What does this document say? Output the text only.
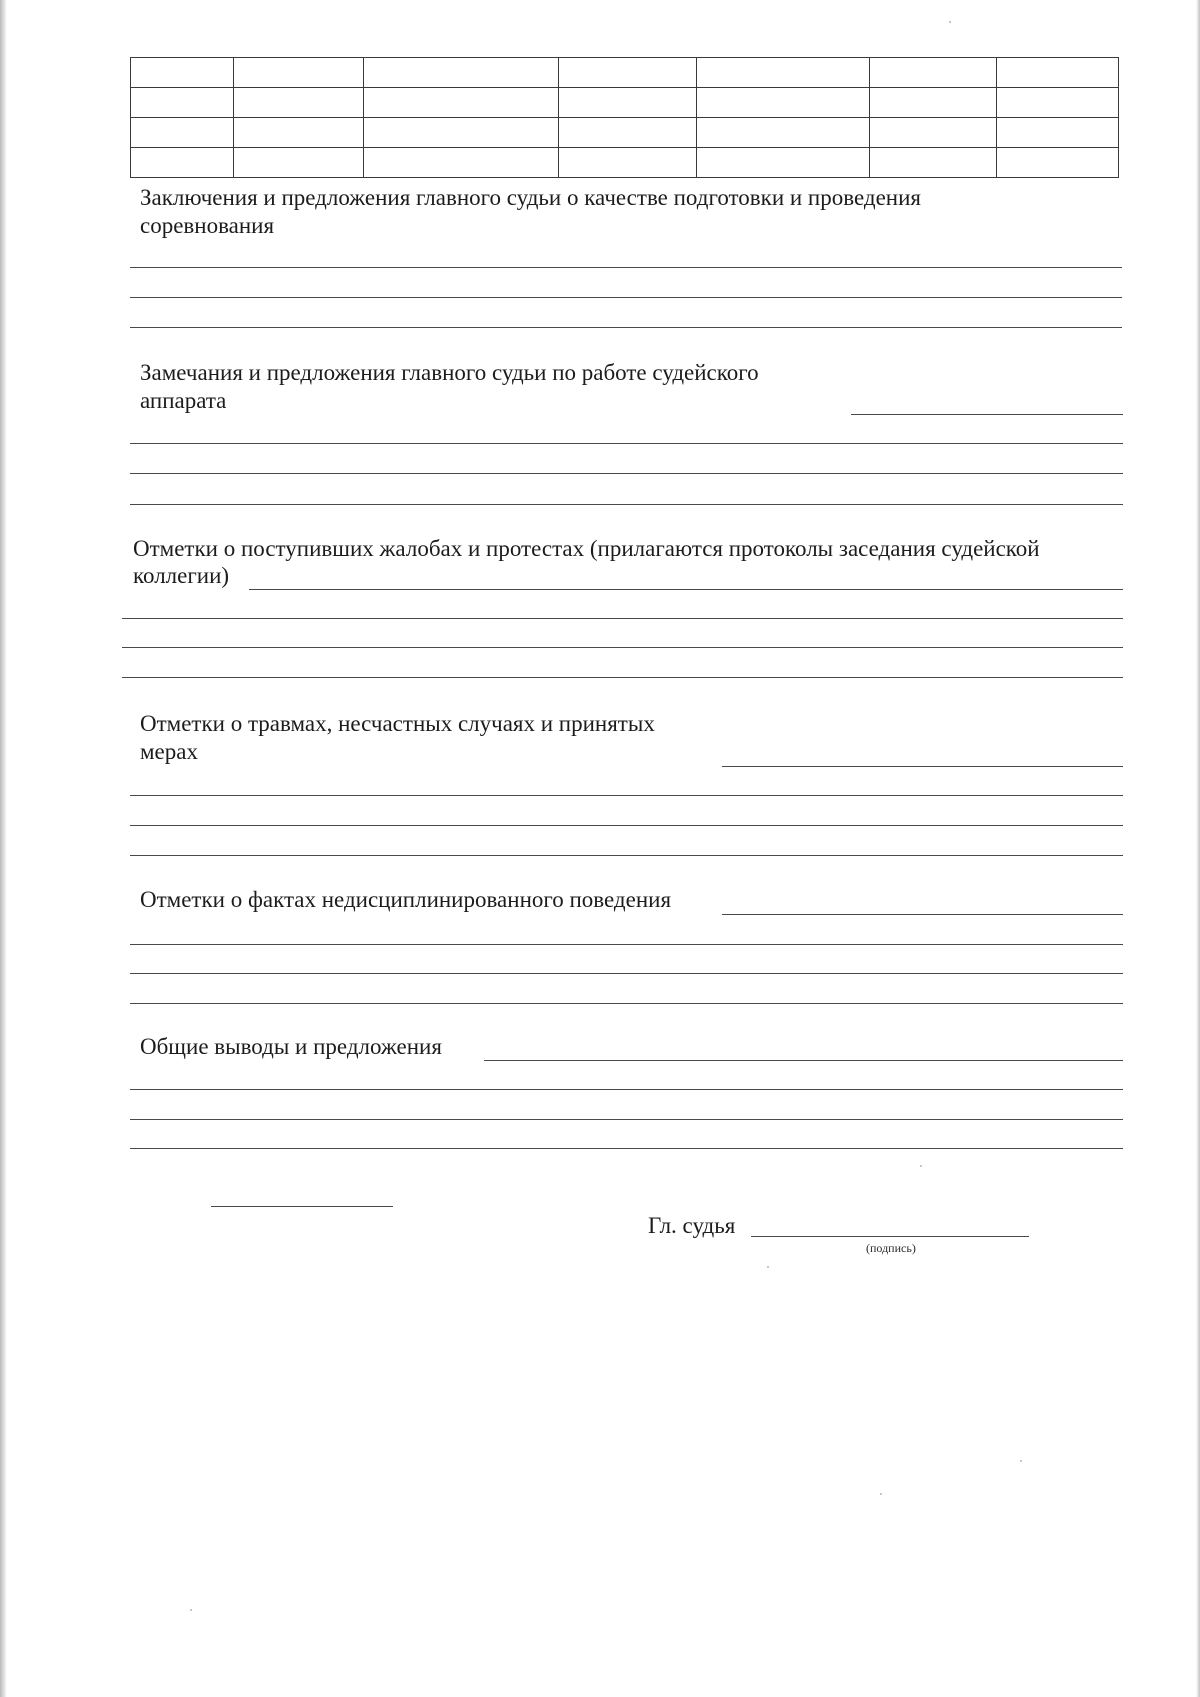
Заключения и предложения главного судьи о качестве подготовки и проведения
соревнования
Замечания и предложения главного судьи по работе судейского
аппарата
Отметки о поступивших жалобах и протестах (прилагаются протоколы заседания судейской
коллегии)
Отметки о травмах, несчастных случаях и принятых
мерах
Отметки о фактах недисциплинированного поведения
Общие выводы и предложения
Гл. судья
(подпись)
